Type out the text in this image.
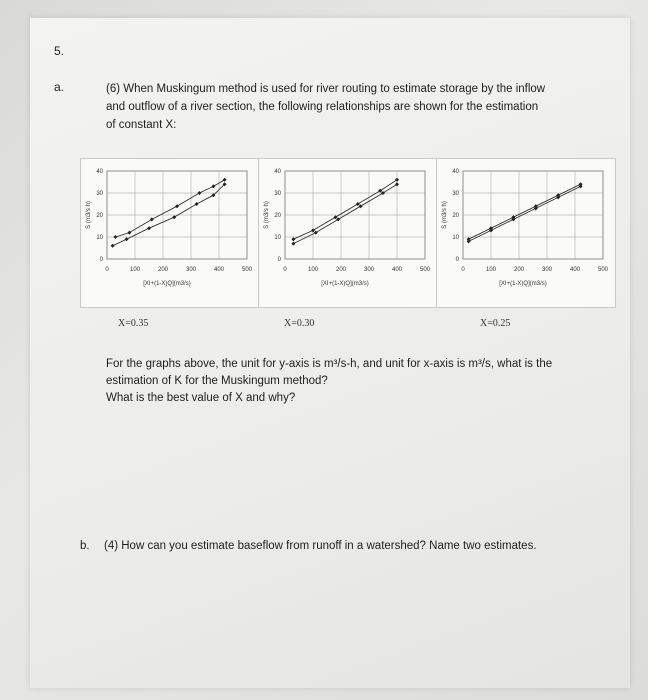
5.
a.	(6) When Muskingum method is used for river routing to estimate storage by the inflow
and outflow of a river section, the following relationships are shown for the estimation
of constant X:
0
10
20
30
40
0	100	200	300	400	500
S (m3/s h)
[XI+(1-X)Q](m3/s)
0
10
20
30
40
0	100	200	300	400	500
S (m3/s h)
[XI+(1-X)Q](m3/s)
0
10
20
30
40
0	100	200	300	400	500
S (m3/s h)
[XI+(1-X)Q](m3/s)
X=0.35	X=0.30	X=0.25
For the graphs above, the unit for y-axis is m³/s-h, and unit for x-axis is m³/s, what is the
estimation of K for the Muskingum method?
What is the best value of X and why?
b. (4) How can you estimate baseflow from runoff in a watershed? Name two estimates.
